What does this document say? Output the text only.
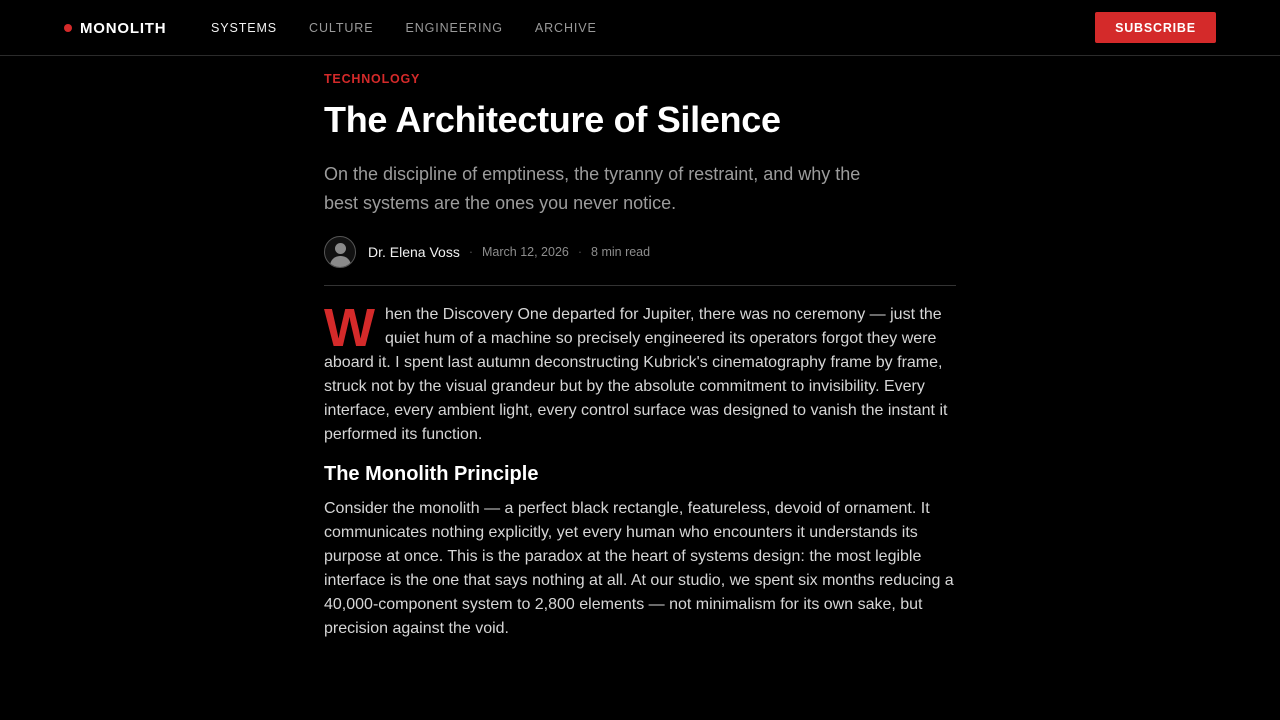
MONOLITH	SYSTEMS	CULTURE	ENGINEERING	ARCHIVE	SUBSCRIBE
TECHNOLOGY
The Architecture of Silence

On the discipline of emptiness, the tyranny of restraint, and why the best systems are the ones you never notice.

Dr. Elena Voss · March 12, 2026 · 8 min read

W hen the Discovery One departed for Jupiter, there was no ceremony — just the quiet hum of a machine so precisely engineered its operators forgot they were aboard it. I spent last autumn deconstructing Kubrick's cinematography frame by frame, struck not by the visual grandeur but by the absolute commitment to invisibility. Every interface, every ambient light, every control surface was designed to vanish the instant it performed its function.

The Monolith Principle

Consider the monolith — a perfect black rectangle, featureless, devoid of ornament. It communicates nothing explicitly, yet every human who encounters it understands its purpose at once. This is the paradox at the heart of systems design: the most legible interface is the one that says nothing at all. At our studio, we spent six months reducing a 40,000-component system to 2,800 elements — not minimalism for its own sake, but precision against the void.
